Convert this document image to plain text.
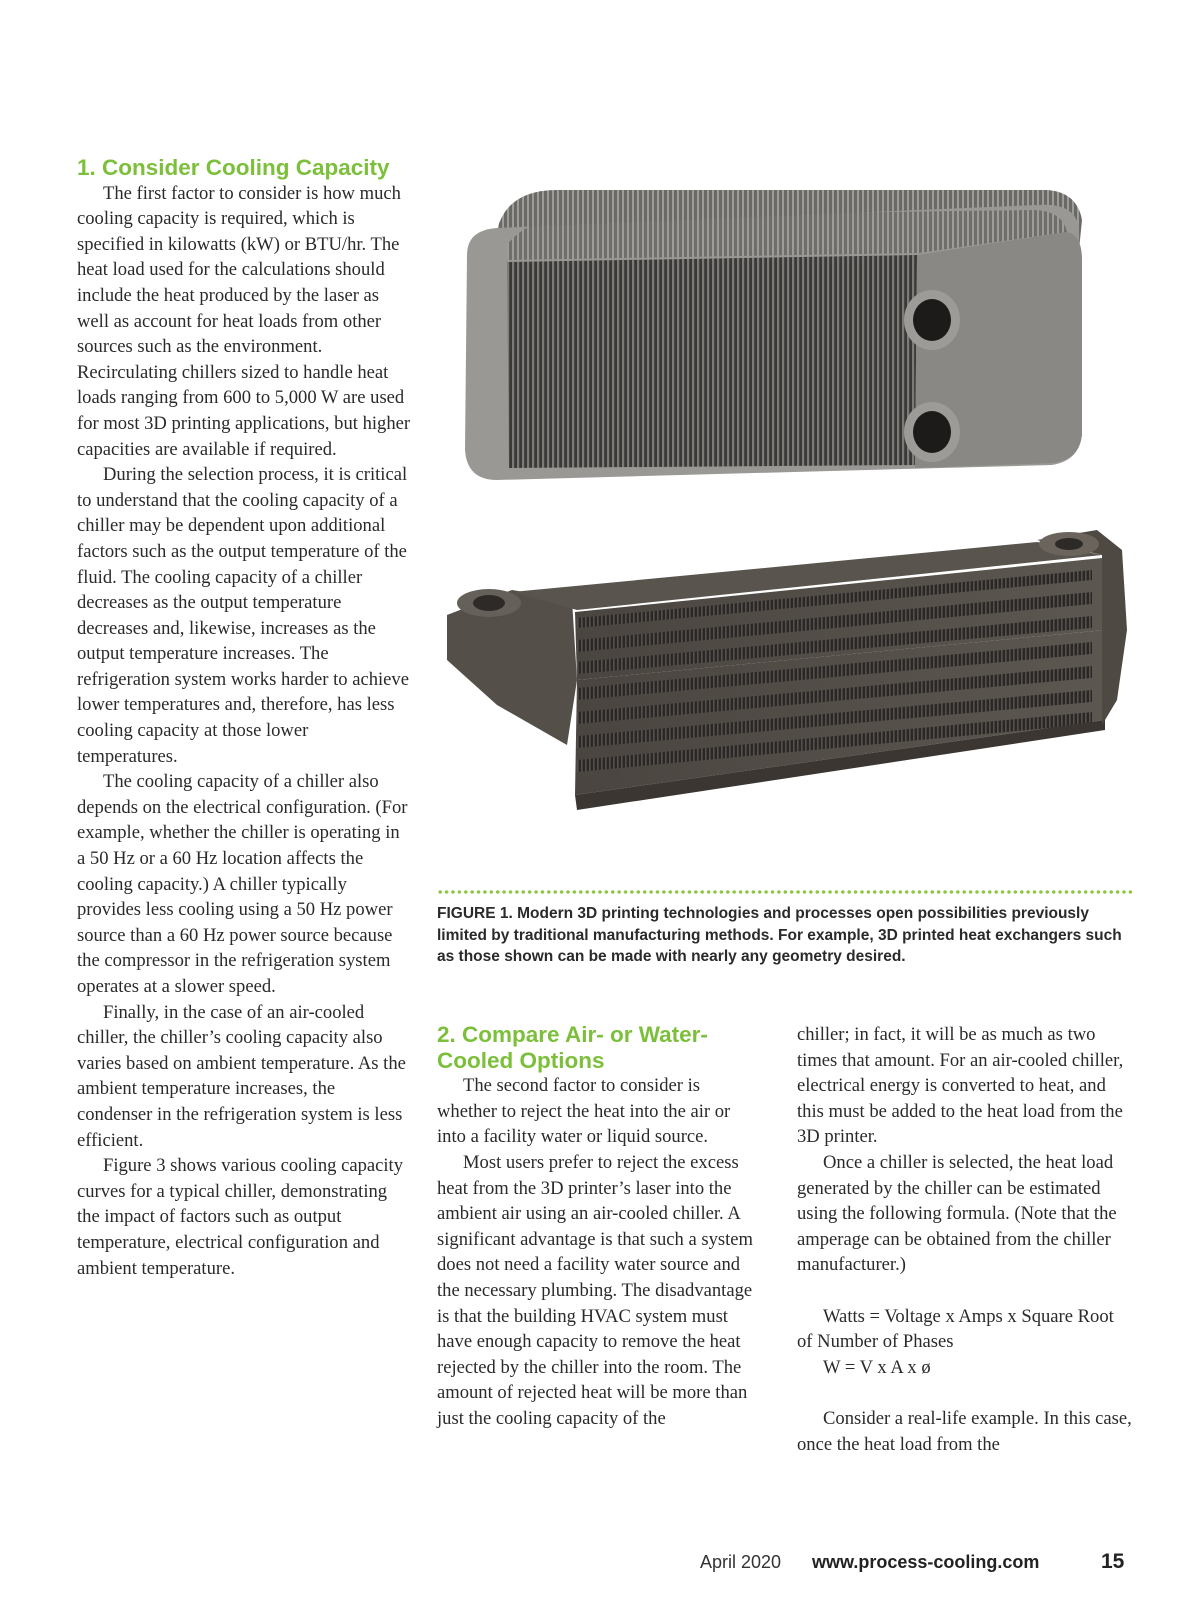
1. Consider Cooling Capacity

The first factor to consider is how much cooling capacity is required, which is specified in kilowatts (kW) or BTU/hr. The heat load used for the calculations should include the heat produced by the laser as well as account for heat loads from other sources such as the environment. Recirculating chillers sized to handle heat loads ranging from 600 to 5,000 W are used for most 3D printing applications, but higher capacities are available if required.

During the selection process, it is critical to understand that the cooling capacity of a chiller may be dependent upon additional factors such as the output temperature of the fluid. The cooling capacity of a chiller decreases as the output temperature decreases and, likewise, increases as the output temperature increases. The refrigeration system works harder to achieve lower temperatures and, therefore, has less cooling capacity at those lower temperatures.

The cooling capacity of a chiller also depends on the electrical configuration. (For example, whether the chiller is operating in a 50 Hz or a 60 Hz location affects the cooling capacity.) A chiller typically provides less cooling using a 50 Hz power source than a 60 Hz power source because the compressor in the refrigeration system operates at a slower speed.

Finally, in the case of an air-cooled chiller, the chiller’s cooling capacity also varies based on ambient temperature. As the ambient temperature increases, the condenser in the refrigeration system is less efficient.

Figure 3 shows various cooling capacity curves for a typical chiller, demonstrating the impact of factors such as output temperature, electrical configuration and ambient temperature.

FIGURE 1. Modern 3D printing technologies and processes open possibilities previously limited by traditional manufacturing methods. For example, 3D printed heat exchangers such as those shown can be made with nearly any geometry desired.
2. Compare Air- or Water-Cooled Options

The second factor to consider is whether to reject the heat into the air or into a facility water or liquid source.

Most users prefer to reject the excess heat from the 3D printer’s laser into the ambient air using an air-cooled chiller. A significant advantage is that such a system does not need a facility water source and the necessary plumbing. The disadvantage is that the building HVAC system must have enough capacity to remove the heat rejected by the chiller into the room. The amount of rejected heat will be more than just the cooling capacity of the

chiller; in fact, it will be as much as two times that amount. For an air-cooled chiller, electrical energy is converted to heat, and this must be added to the heat load from the 3D printer.

Once a chiller is selected, the heat load generated by the chiller can be estimated using the following formula. (Note that the amperage can be obtained from the chiller manufacturer.)

Watts = Voltage x Amps x Square Root of Number of Phases

W = V x A x ø

Consider a real-life example. In this case, once the heat load from the

April 2020 www.process-cooling.com	15
